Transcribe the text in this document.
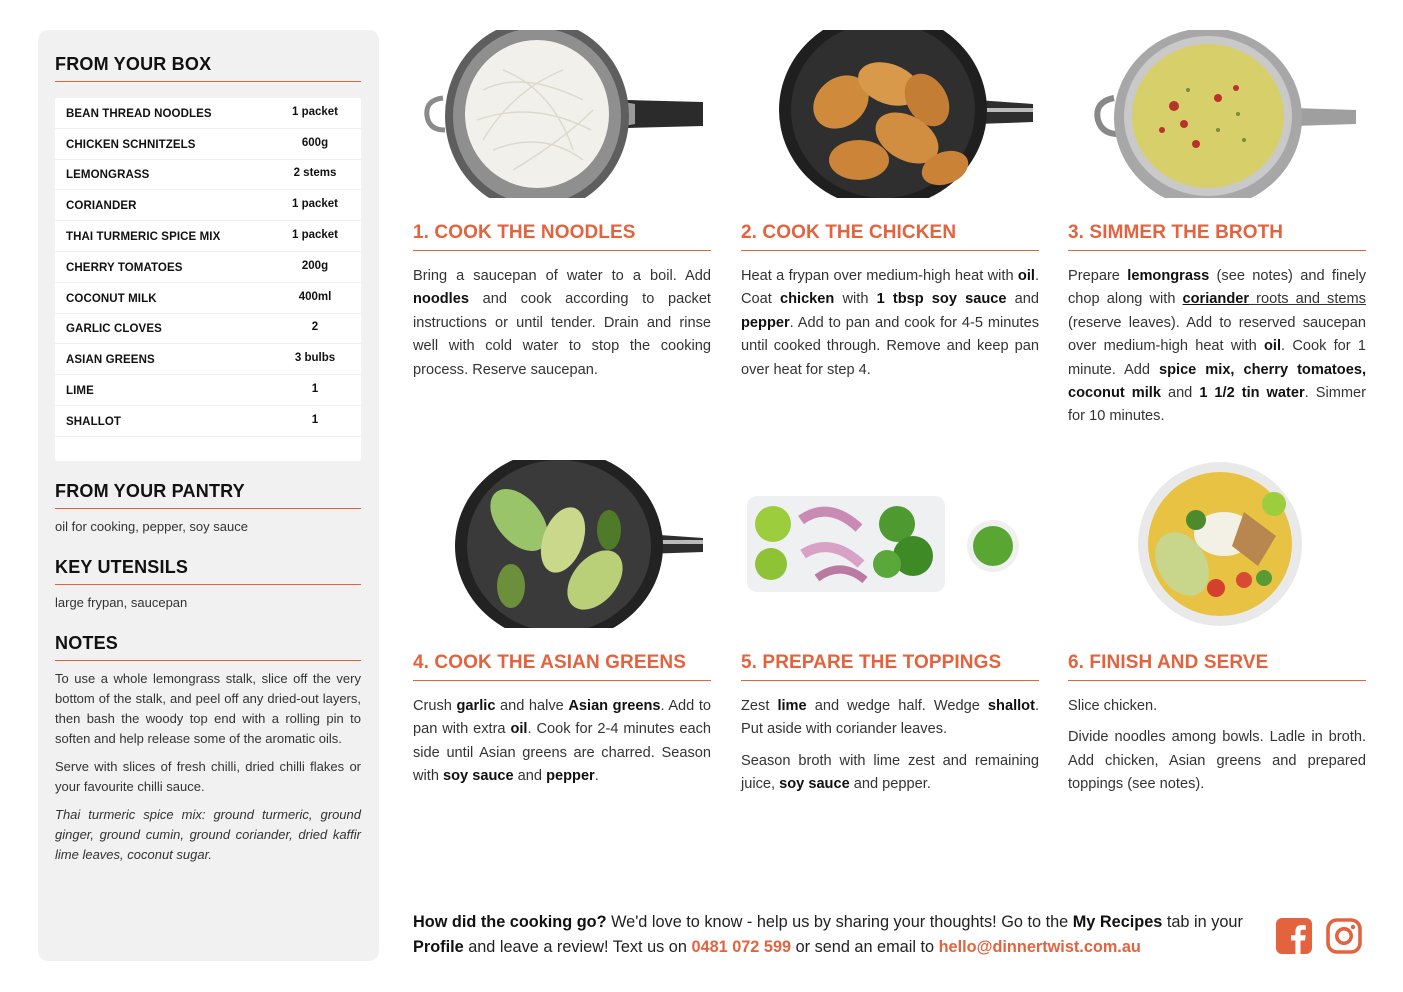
FROM YOUR BOX
BEAN THREAD NOODLES	1 packet
CHICKEN SCHNITZELS	600g
LEMONGRASS	2 stems
CORIANDER	1 packet
THAI TURMERIC SPICE MIX	1 packet
CHERRY TOMATOES	200g
COCONUT MILK	400ml
GARLIC CLOVES	2
ASIAN GREENS	3 bulbs
LIME	1
SHALLOT	1
FROM YOUR PANTRY
oil for cooking, pepper, soy sauce
KEY UTENSILS
large frypan, saucepan
NOTES

To use a whole lemongrass stalk, slice off the very bottom of the stalk, and peel off any dried-out layers, then bash the woody top end with a rolling pin to soften and help release some of the aromatic oils.

Serve with slices of fresh chilli, dried chilli flakes or your favourite chilli sauce.

Thai turmeric spice mix: ground turmeric, ground ginger, ground cumin, ground coriander, dried kaffir lime leaves, coconut sugar.

1. COOK THE NOODLES

Bring a saucepan of water to a boil. Add noodles and cook according to packet instructions or until tender. Drain and rinse well with cold water to stop the cooking process. Reserve saucepan.

2. COOK THE CHICKEN

Heat a frypan over medium-high heat with oil. Coat chicken with 1 tbsp soy sauce and pepper. Add to pan and cook for 4-5 minutes until cooked through. Remove and keep pan over heat for step 4.

3. SIMMER THE BROTH

Prepare lemongrass (see notes) and finely chop along with coriander roots and stems (reserve leaves). Add to reserved saucepan over medium-high heat with oil. Cook for 1 minute. Add spice mix, cherry tomatoes, coconut milk and 1 1/2 tin water. Simmer for 10 minutes.

4. COOK THE ASIAN GREENS

Crush garlic and halve Asian greens. Add to pan with extra oil. Cook for 2-4 minutes each side until Asian greens are charred. Season with soy sauce and pepper.

5. PREPARE THE TOPPINGS

Zest lime and wedge half. Wedge shallot. Put aside with coriander leaves.

Season broth with lime zest and remaining juice, soy sauce and pepper.

6. FINISH AND SERVE

Slice chicken.

Divide noodles among bowls. Ladle in broth. Add chicken, Asian greens and prepared toppings (see notes).

How did the cooking go? We'd love to know - help us by sharing your thoughts! Go to the My Recipes tab in your Profile and leave a review! Text us on 0481 072 599 or send an email to hello@dinnertwist.com.au
